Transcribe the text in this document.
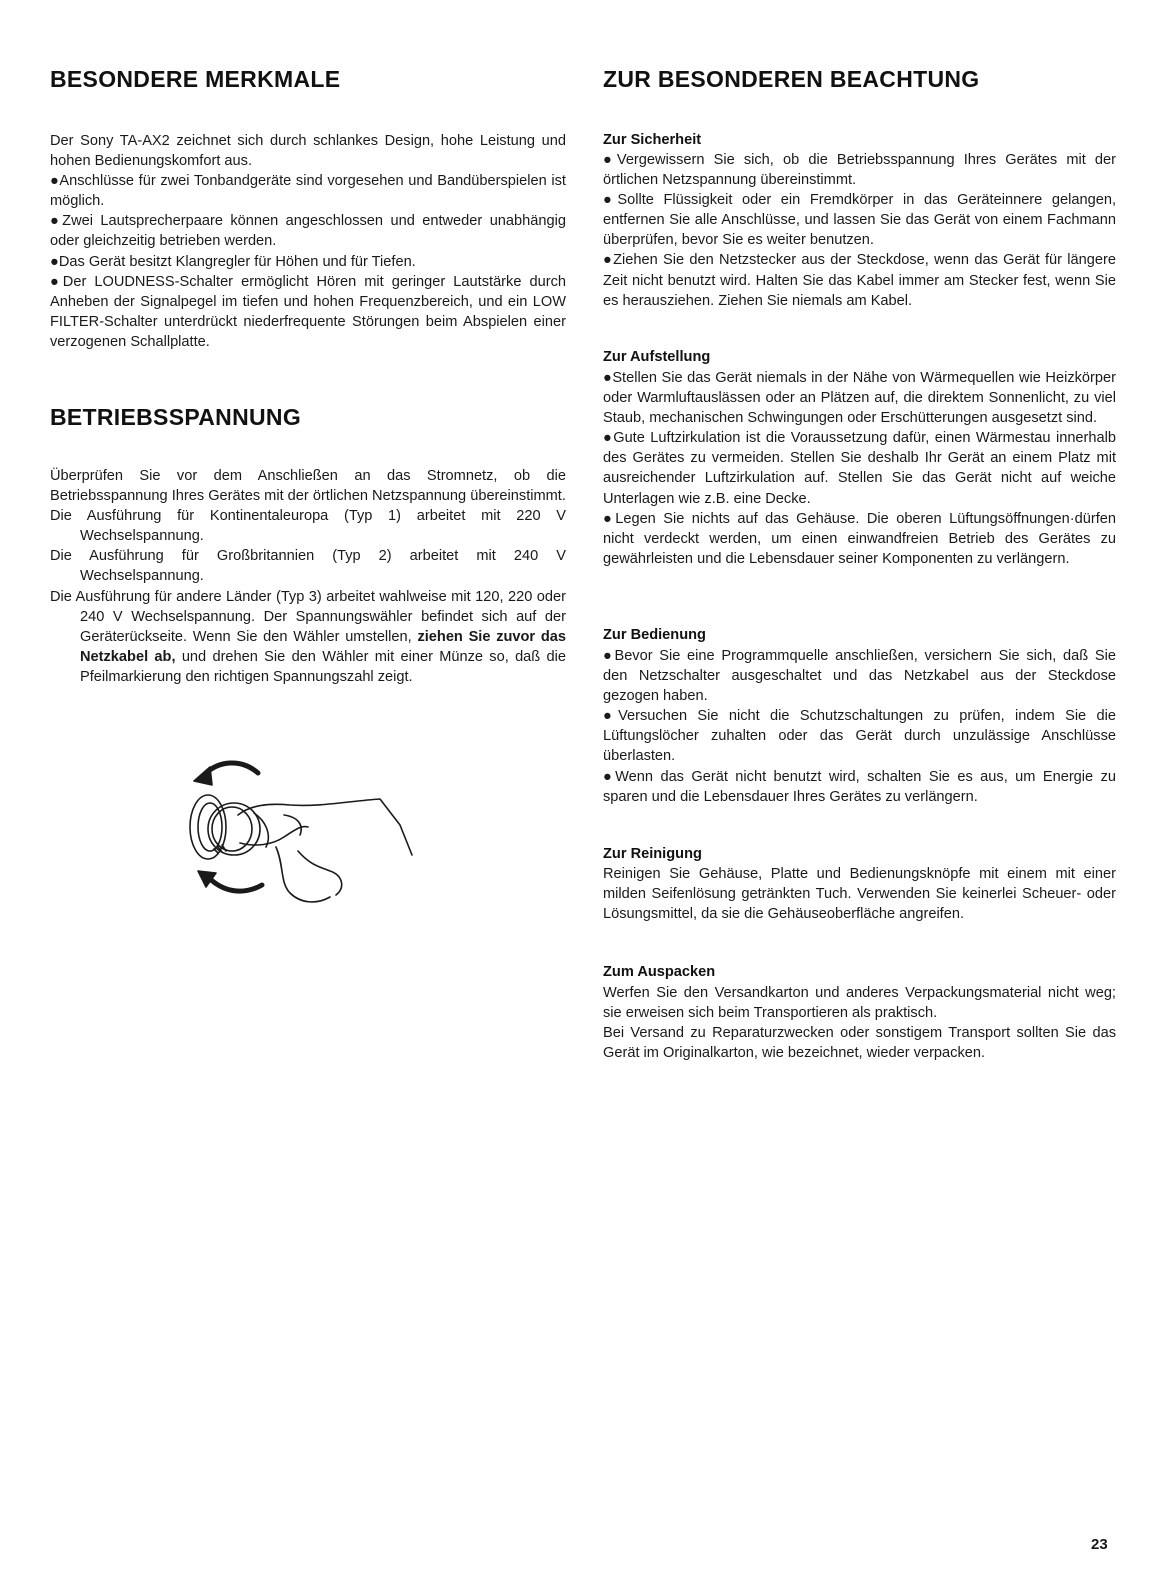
BESONDERE MERKMALE

Der Sony TA-AX2 zeichnet sich durch schlankes Design, hohe Leistung und hohen Bedienungskomfort aus.

●Anschlüsse für zwei Tonbandgeräte sind vorgesehen und Bandüberspielen ist möglich.

●Zwei Lautsprecherpaare können angeschlossen und entweder unabhängig oder gleichzeitig betrieben werden.

●Das Gerät besitzt Klangregler für Höhen und für Tiefen.

●Der LOUDNESS-Schalter ermöglicht Hören mit geringer Lautstärke durch Anheben der Signalpegel im tiefen und hohen Frequenzbereich, und ein LOW FILTER-Schalter unterdrückt niederfrequente Störungen beim Abspielen einer verzogenen Schallplatte.

BETRIEBSSPANNUNG

Überprüfen Sie vor dem Anschließen an das Stromnetz, ob die Betriebsspannung Ihres Gerätes mit der örtlichen Netzspannung übereinstimmt.

Die Ausführung für Kontinentaleuropa (Typ 1) arbeitet mit 220 V Wechselspannung.

Die Ausführung für Großbritannien (Typ 2) arbeitet mit 240 V Wechselspannung.

Die Ausführung für andere Länder (Typ 3) arbeitet wahlweise mit 120, 220 oder 240 V Wechselspannung. Der Spannungswähler befindet sich auf der Geräterückseite. Wenn Sie den Wähler umstellen, ziehen Sie zuvor das Netzkabel ab, und drehen Sie den Wähler mit einer Münze so, daß die Pfeilmarkierung den richtigen Spannungszahl zeigt.

ZUR BESONDEREN BEACHTUNG
Zur Sicherheit

●Vergewissern Sie sich, ob die Betriebsspannung Ihres Gerätes mit der örtlichen Netzspannung übereinstimmt.

●Sollte Flüssigkeit oder ein Fremdkörper in das Geräteinnere gelangen, entfernen Sie alle Anschlüsse, und lassen Sie das Gerät von einem Fachmann überprüfen, bevor Sie es weiter benutzen.

●Ziehen Sie den Netzstecker aus der Steckdose, wenn das Gerät für längere Zeit nicht benutzt wird. Halten Sie das Kabel immer am Stecker fest, wenn Sie es herausziehen. Ziehen Sie niemals am Kabel.

Zur Aufstellung

●Stellen Sie das Gerät niemals in der Nähe von Wärmequellen wie Heizkörper oder Warmluftauslässen oder an Plätzen auf, die direktem Sonnenlicht, zu viel Staub, mechanischen Schwingungen oder Erschütterungen ausgesetzt sind.

●Gute Luftzirkulation ist die Voraussetzung dafür, einen Wärmestau innerhalb des Gerätes zu vermeiden. Stellen Sie deshalb Ihr Gerät an einem Platz mit ausreichender Luftzirkulation auf. Stellen Sie das Gerät nicht auf weiche Unterlagen wie z.B. eine Decke.

●Legen Sie nichts auf das Gehäuse. Die oberen Lüftungsöffnungen·dürfen nicht verdeckt werden, um einen einwandfreien Betrieb des Gerätes zu gewährleisten und die Lebensdauer seiner Komponenten zu verlängern.

Zur Bedienung

●Bevor Sie eine Programmquelle anschließen, versichern Sie sich, daß Sie den Netzschalter ausgeschaltet und das Netzkabel aus der Steckdose gezogen haben.

●Versuchen Sie nicht die Schutzschaltungen zu prüfen, indem Sie die Lüftungslöcher zuhalten oder das Gerät durch unzulässige Anschlüsse überlasten.

●Wenn das Gerät nicht benutzt wird, schalten Sie es aus, um Energie zu sparen und die Lebensdauer Ihres Gerätes zu verlängern.

Zur Reinigung

Reinigen Sie Gehäuse, Platte und Bedienungsknöpfe mit einem mit einer milden Seifenlösung getränkten Tuch. Verwenden Sie keinerlei Scheuer- oder Lösungsmittel, da sie die Gehäuseoberfläche angreifen.

Zum Auspacken

Werfen Sie den Versandkarton und anderes Verpackungsmaterial nicht weg; sie erweisen sich beim Transportieren als praktisch.

Bei Versand zu Reparaturzwecken oder sonstigem Transport sollten Sie das Gerät im Originalkarton, wie bezeichnet, wieder verpacken.

23
